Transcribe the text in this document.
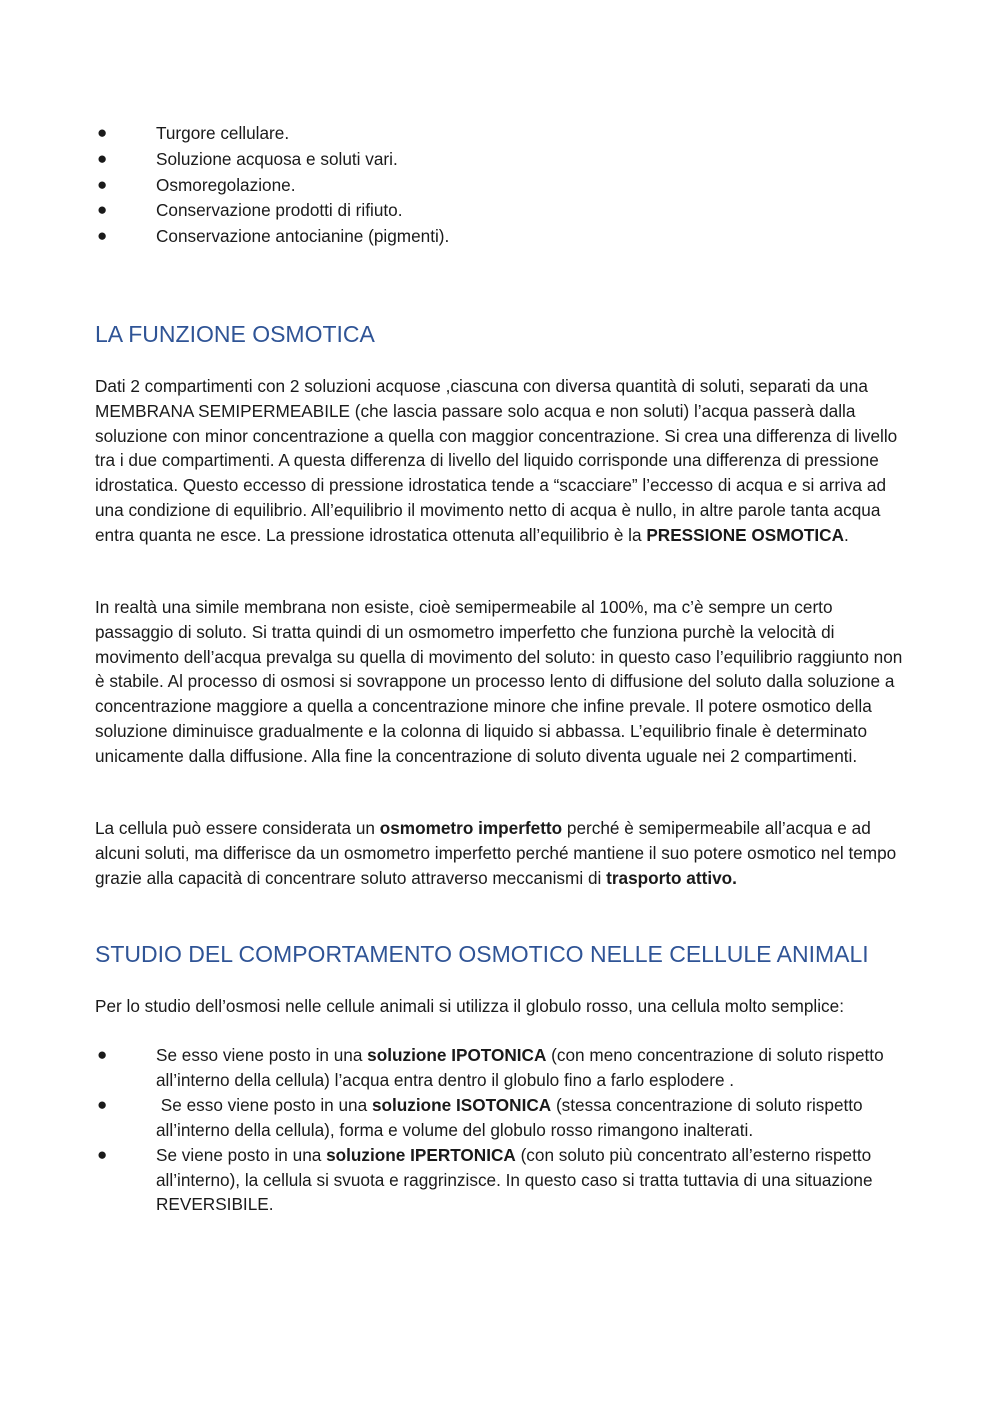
●	Turgore cellulare.
●	Soluzione acquosa e soluti vari.
●	Osmoregolazione.
●	Conservazione prodotti di rifiuto.
●	Conservazione antocianine (pigmenti).
LA FUNZIONE OSMOTICA

Dati 2 compartimenti con 2 soluzioni acquose ,ciascuna con diversa quantità di soluti, separati da una MEMBRANA SEMIPERMEABILE (che lascia passare solo acqua e non soluti) l’acqua passerà dalla soluzione con minor concentrazione a quella con maggior concentrazione. Si crea una differenza di livello tra i due compartimenti. A questa differenza di livello del liquido corrisponde una differenza di pressione idrostatica. Questo eccesso di pressione idrostatica tende a “scacciare” l’eccesso di acqua e si arriva ad una condizione di equilibrio. All’equilibrio il movimento netto di acqua è nullo, in altre parole tanta acqua entra quanta ne esce. La pressione idrostatica ottenuta all’equilibrio è la PRESSIONE OSMOTICA.

In realtà una simile membrana non esiste, cioè semipermeabile al 100%, ma c’è sempre un certo passaggio di soluto. Si tratta quindi di un osmometro imperfetto che funziona purchè la velocità di movimento dell’acqua prevalga su quella di movimento del soluto: in questo caso l’equilibrio raggiunto non è stabile. Al processo di osmosi si sovrappone un processo lento di diffusione del soluto dalla soluzione a concentrazione maggiore a quella a concentrazione minore che infine prevale. Il potere osmotico della soluzione diminuisce gradualmente e la colonna di liquido si abbassa. L’equilibrio finale è determinato unicamente dalla diffusione. Alla fine la concentrazione di soluto diventa uguale nei 2 compartimenti.

La cellula può essere considerata un osmometro imperfetto perché è semipermeabile all’acqua e ad alcuni soluti, ma differisce da un osmometro imperfetto perché mantiene il suo potere osmotico nel tempo grazie alla capacità di concentrare soluto attraverso meccanismi di trasporto attivo.

STUDIO DEL COMPORTAMENTO OSMOTICO NELLE CELLULE ANIMALI

Per lo studio dell’osmosi nelle cellule animali si utilizza il globulo rosso, una cellula molto semplice:

●	Se esso viene posto in una soluzione IPOTONICA (con meno concentrazione di soluto rispetto all’interno della cellula) l’acqua entra dentro il globulo fino a farlo esplodere .
●	Se esso viene posto in una soluzione ISOTONICA (stessa concentrazione di soluto rispetto all’interno della cellula), forma e volume del globulo rosso rimangono inalterati.
●	Se viene posto in una soluzione IPERTONICA (con soluto più concentrato all’esterno rispetto all’interno), la cellula si svuota e raggrinzisce. In questo caso si tratta tuttavia di una situazione REVERSIBILE.
